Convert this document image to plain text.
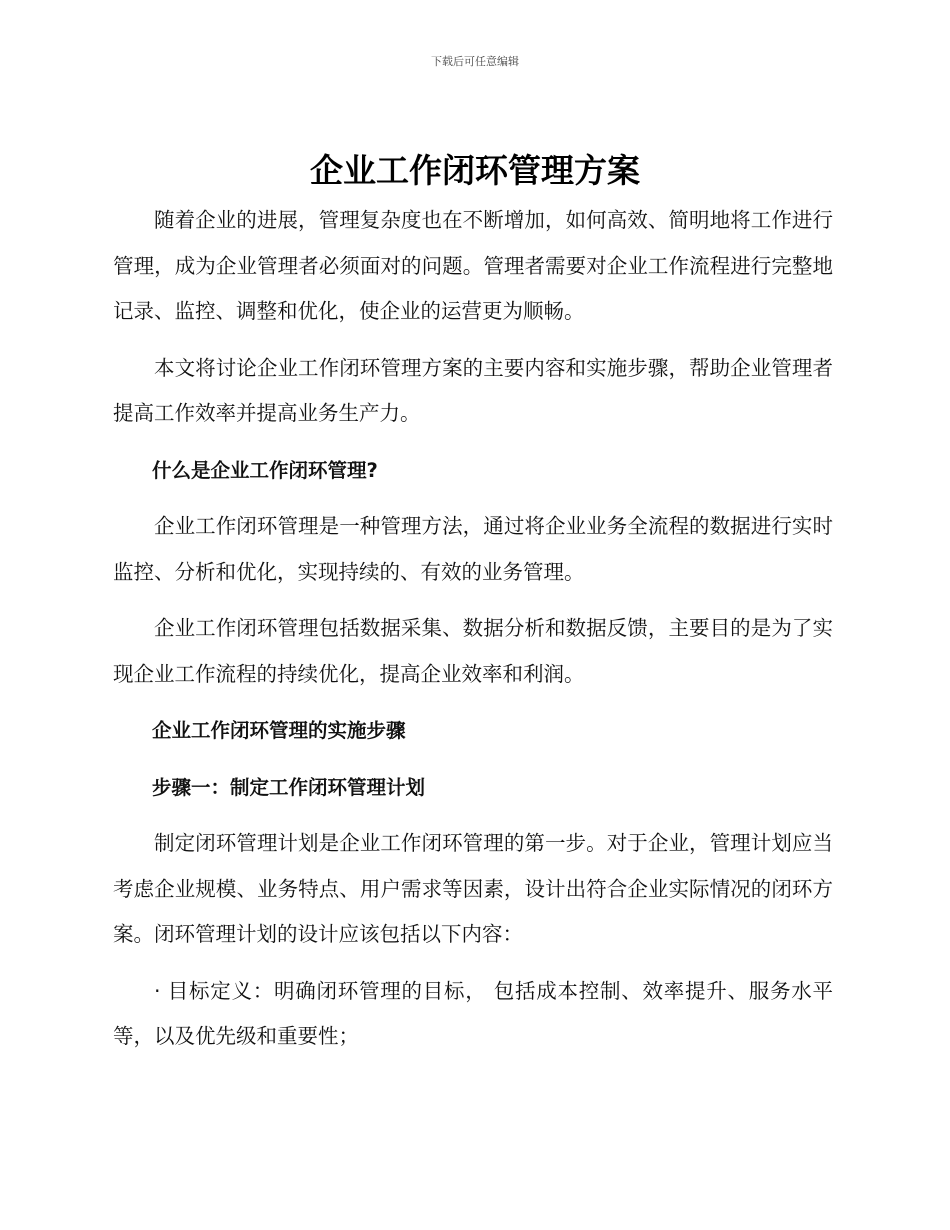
下载后可任意编辑
企业工作闭环管理方案

随着企业的进展，管理复杂度也在不断增加，如何高效、简明地将工作进行管理，成为企业管理者必须面对的问题。管理者需要对企业工作流程进行完整地记录、监控、调整和优化，使企业的运营更为顺畅。

本文将讨论企业工作闭环管理方案的主要内容和实施步骤，帮助企业管理者提高工作效率并提高业务生产力。

什么是企业工作闭环管理?

企业工作闭环管理是一种管理方法，通过将企业业务全流程的数据进行实时监控、分析和优化，实现持续的、有效的业务管理。

企业工作闭环管理包括数据采集、数据分析和数据反馈，主要目的是为了实现企业工作流程的持续优化，提高企业效率和利润。

企业工作闭环管理的实施步骤

步骤一：制定工作闭环管理计划

制定闭环管理计划是企业工作闭环管理的第一步。对于企业，管理计划应当考虑企业规模、业务特点、用户需求等因素，设计出符合企业实际情况的闭环方案。闭环管理计划的设计应该包括以下内容：

· 目标定义：明确闭环管理的目标， 包括成本控制、效率提升、服务水平等，以及优先级和重要性；
